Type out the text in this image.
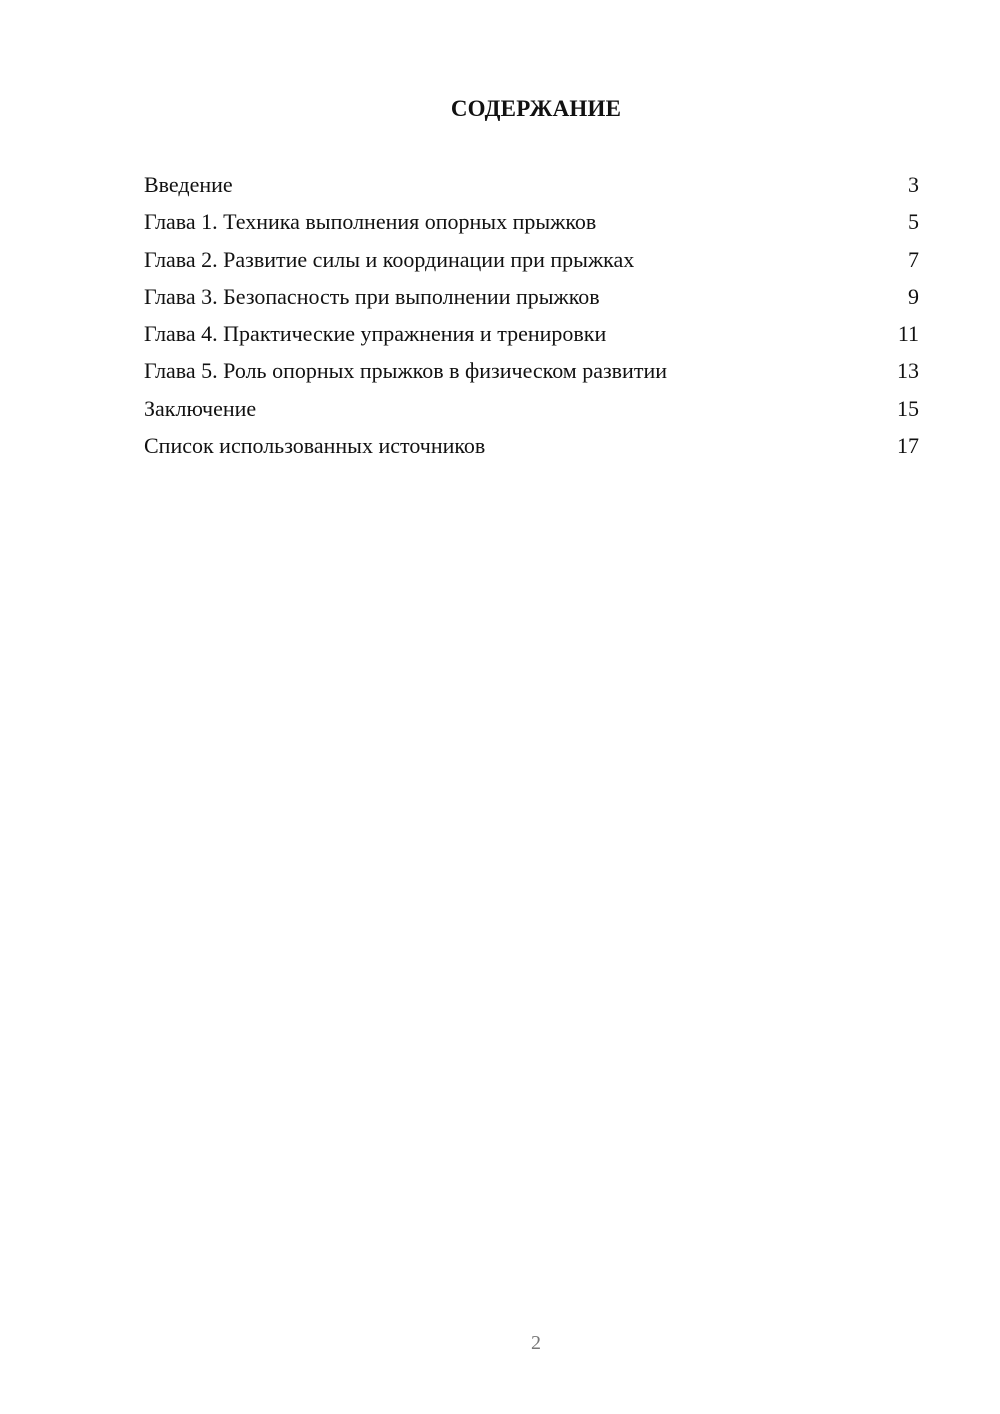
СОДЕРЖАНИЕ
Введение	3
Глава 1. Техника выполнения опорных прыжков	5
Глава 2. Развитие силы и координации при прыжках	7
Глава 3. Безопасность при выполнении прыжков	9
Глава 4. Практические упражнения и тренировки	11
Глава 5. Роль опорных прыжков в физическом развитии	13
Заключение	15
Список использованных источников	17
2
